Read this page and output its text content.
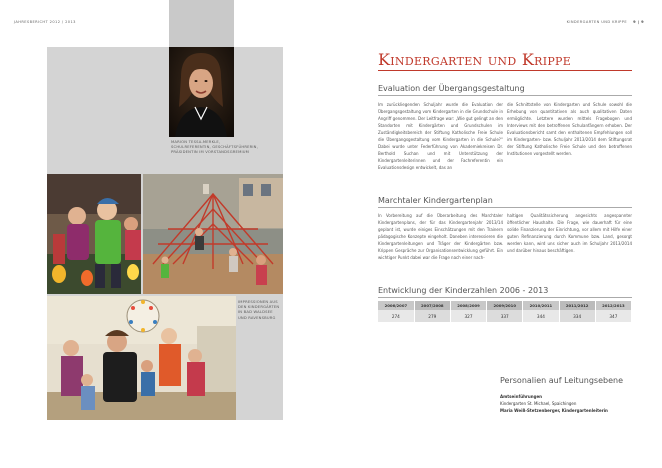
JAHRESBERICHT 2012 / 2013	KINDERGARTEN UND KRIPPE 9 | 9
MARION TESSA-MERKLE, SCHULREFERENTIN, GESCHÄFTSFÜHRERIN, PRÄSIDENTIN IM VORSTANDSGREMIUM
IMPRESSIONEN AUS DEN KINDERGÄRTEN IN BAD WALDSEE UND RAVENSBURG
Kindergarten und Krippe
Evaluation der Übergangsgestaltung
Im zurückliegenden Schuljahr wurde die Evaluation der Übergangsgestaltung vom Kindergarten in die Grundschule in Angriff genommen. Der Leitfrage war: „Wie gut gelingt an den Standorten mit Kindergärten und Grundschulen im Zuständigkeitsbereich der Stiftung Katholische Freie Schule die Übergangsgestaltung vom Kindergarten in die Schule?“ Dabei wurde unter Federführung von Akademiekreisen Dr. Berthold Suchan und mit Unterstützung der Kindergartenleiterinnen und der Fachreferentin ein Evaluationsdesign entwickelt, das an
die Schnittstelle von Kindergarten und Schule sowohl die Erhebung von quantitativen als auch qualitativen Daten ermöglichte. Letztere wurden mittels Fragebogen und Interviews mit den betroffenen Schulanfängern erhoben. Der Evaluationsbericht samt den enthaltenen Empfehlungen soll im Kindergarten- bzw. Schuljahr 2013/2014 dem Stiftungsrat der Stiftung Katholische Freie Schule und den betroffenen Institutionen vorgestellt werden.
Marchtaler Kindergartenplan
In Vorbereitung auf die Überarbeitung des Marchtaler Kindergartenplans, der für das Kindergartenjahr 2013/14 geplant ist, wurde einiges Einschätzungen mit den Trainern pädagogische Konzepte eingeholt. Daneben interessieren die Kindergartenleitungen und Träger der Kindergärten bzw. Krippen Gespräche zur Organisationsentwicklung geführt. Ein wichtiger Punkt dabei war die Frage nach einer nach-
haltigen Qualitätssicherung angesichts angespannter öffentlicher Haushalte. Die Frage, wie dauerhaft für eine solide Finanzierung der Einrichtung, vor allem mit Hilfe einer guten Refinanzierung durch Kommune bzw. Land, gesorgt werden kann, wird uns sicher auch im Schuljahr 2013/2014 und darüber hinaus beschäftigen.
Entwicklung der Kinderzahlen 2006 - 2013
2006/2007	2007/2008	2008/2009	2009/2010	2010/2011	2011/2012	2012/2013
274	279	327	337	344	334	347
Personalien auf Leitungsebene
Amtseinführungen
Kindergarten St. Michael, Spaichingen
Maria Weiß-Stetzenberger, Kindergartenleiterin
